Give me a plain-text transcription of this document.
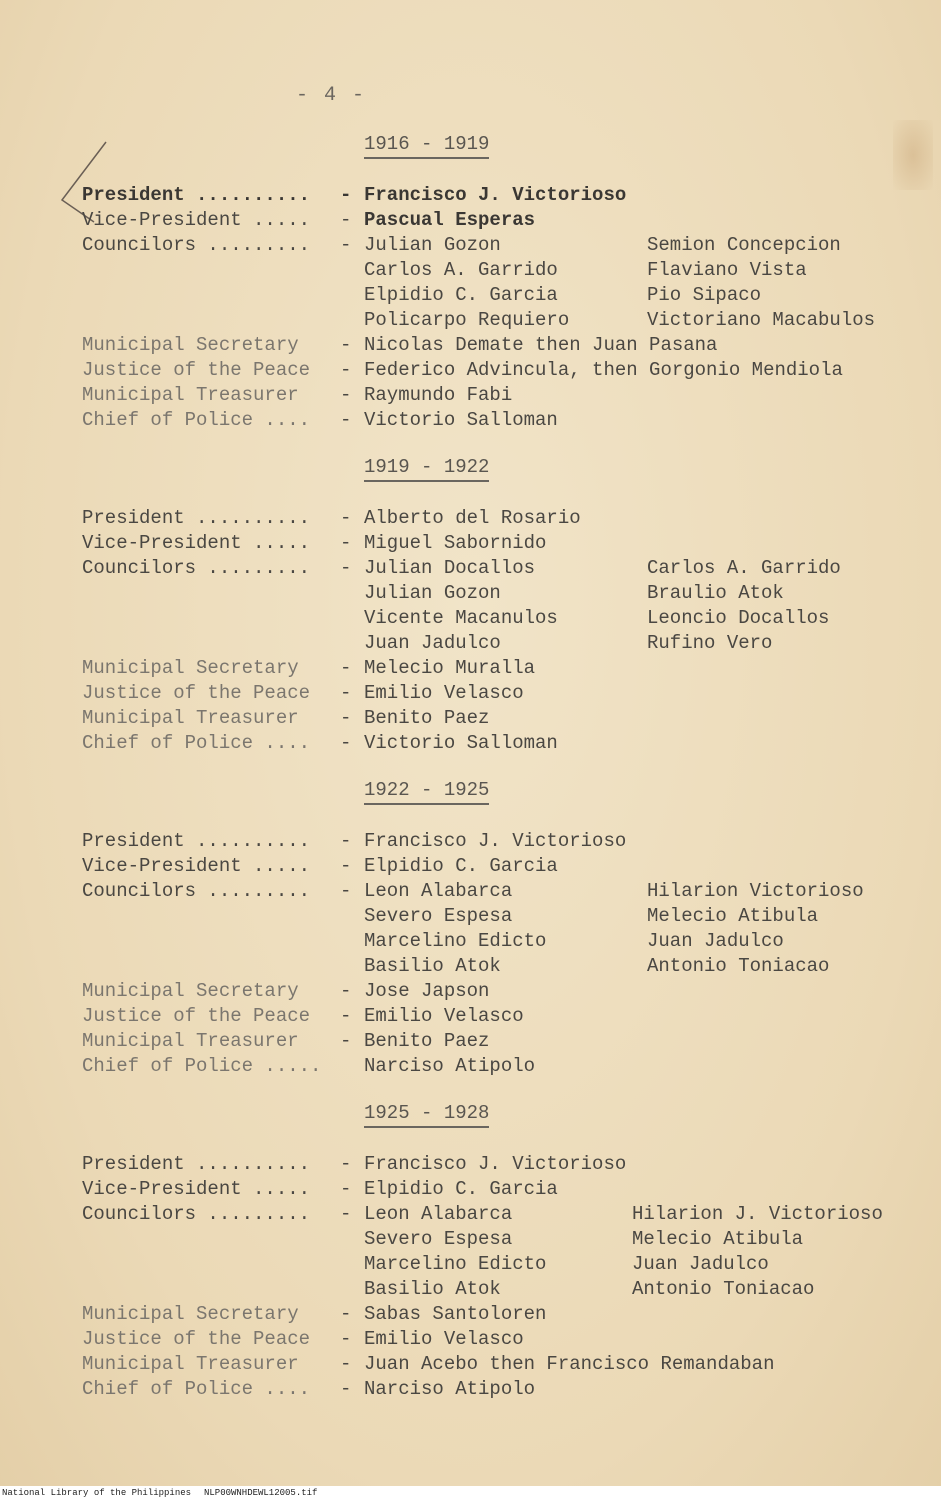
- 4 -
1916 - 1919

President .......... - Francisco J. Victorioso

Vice-President ..... - Pascual Esperas

Councilors ......... - Julian Gozon	Semion Concepcion

Carlos A. Garrido	Flaviano Vista

Elpidio C. Garcia	Pio Sipaco

Policarpo Requiero	Victoriano Macabulos

Municipal Secretary - Nicolas Demate then Juan Pasana

Justice of the Peace - Federico Advincula, then Gorgonio Mendiola

Municipal Treasurer - Raymundo Fabi

Chief of Police .... - Victorio Salloman

1919 - 1922

President .......... - Alberto del Rosario

Vice-President ..... - Miguel Sabornido

Councilors ......... - Julian Docallos	Carlos A. Garrido

Julian Gozon	Braulio Atok

Vicente Macanulos	Leoncio Docallos

Juan Jadulco	Rufino Vero

Municipal Secretary - Melecio Muralla

Justice of the Peace - Emilio Velasco

Municipal Treasurer - Benito Paez

Chief of Police .... - Victorio Salloman

1922 - 1925

President .......... - Francisco J. Victorioso

Vice-President ..... - Elpidio C. Garcia

Councilors ......... - Leon Alabarca	Hilarion Victorioso

Severo Espesa	Melecio Atibula

Marcelino Edicto	Juan Jadulco

Basilio Atok	Antonio Toniacao

Municipal Secretary - Jose Japson

Justice of the Peace - Emilio Velasco

Municipal Treasurer - Benito Paez

Chief of Police ..... Narciso Atipolo

1925 - 1928

President .......... - Francisco J. Victorioso

Vice-President ..... - Elpidio C. Garcia

Councilors ......... - Leon Alabarca	Hilarion J. Victorioso

Severo Espesa	Melecio Atibula

Marcelino Edicto	Juan Jadulco

Basilio Atok	Antonio Toniacao

Municipal Secretary - Sabas Santoloren

Justice of the Peace - Emilio Velasco

Municipal Treasurer - Juan Acebo then Francisco Remandaban

Chief of Police .... - Narciso Atipolo

National Library of the Philippines NLP00WNHDEWL12005.tif
